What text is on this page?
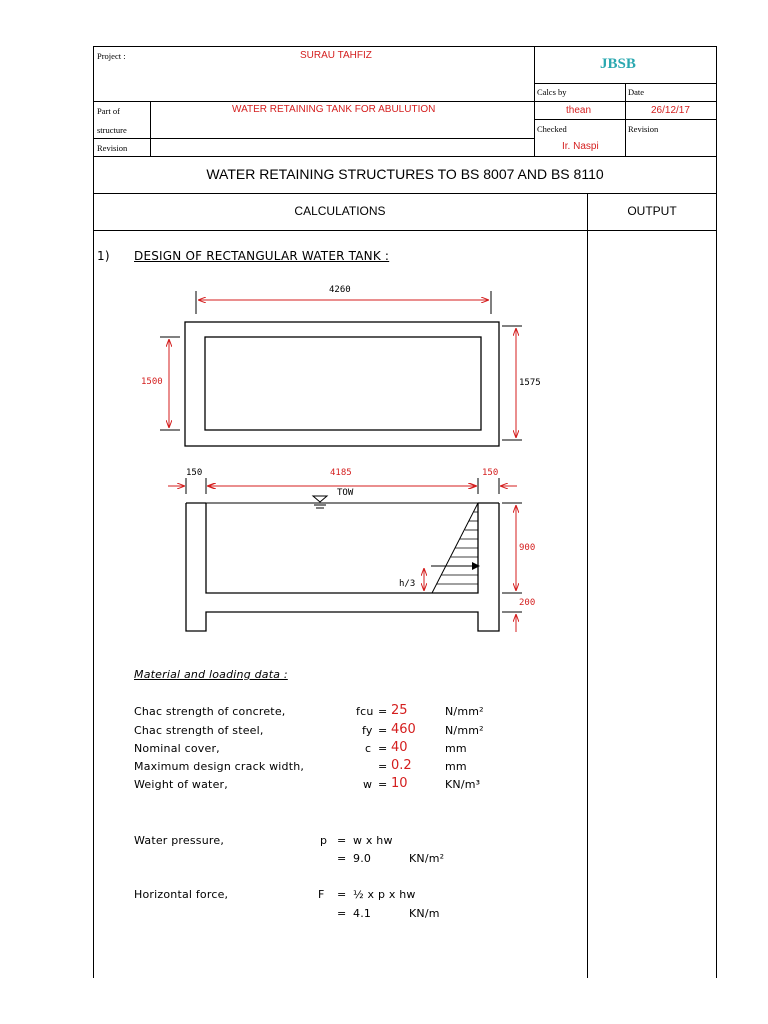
Project :	SURAU TAHFIZ
JBSB
Calcs by	Date
thean	26/12/17
Part of
structure
WATER RETAINING TANK FOR ABULUTION
Checked	Revision
Ir. Naspi
Revision
WATER RETAINING STRUCTURES TO BS 8007 AND BS 8110
CALCULATIONS	OUTPUT
1) DESIGN OF RECTANGULAR WATER TANK :
4260
1500	1575
150	4185	150
TOW
900
200
h/3
Material and loading data :
Chac strength of concrete,	fcu = 25	N/mm²
Chac strength of steel,	fy = 460	N/mm²
Nominal cover,	c = 40	mm
Maximum design crack width,	= 0.2	mm
Weight of water,	w = 10	KN/m³
Water pressure,	p = w x hw
= 9.0	KN/m²
Horizontal force,	F = ½ x p x hw
= 4.1	KN/m
